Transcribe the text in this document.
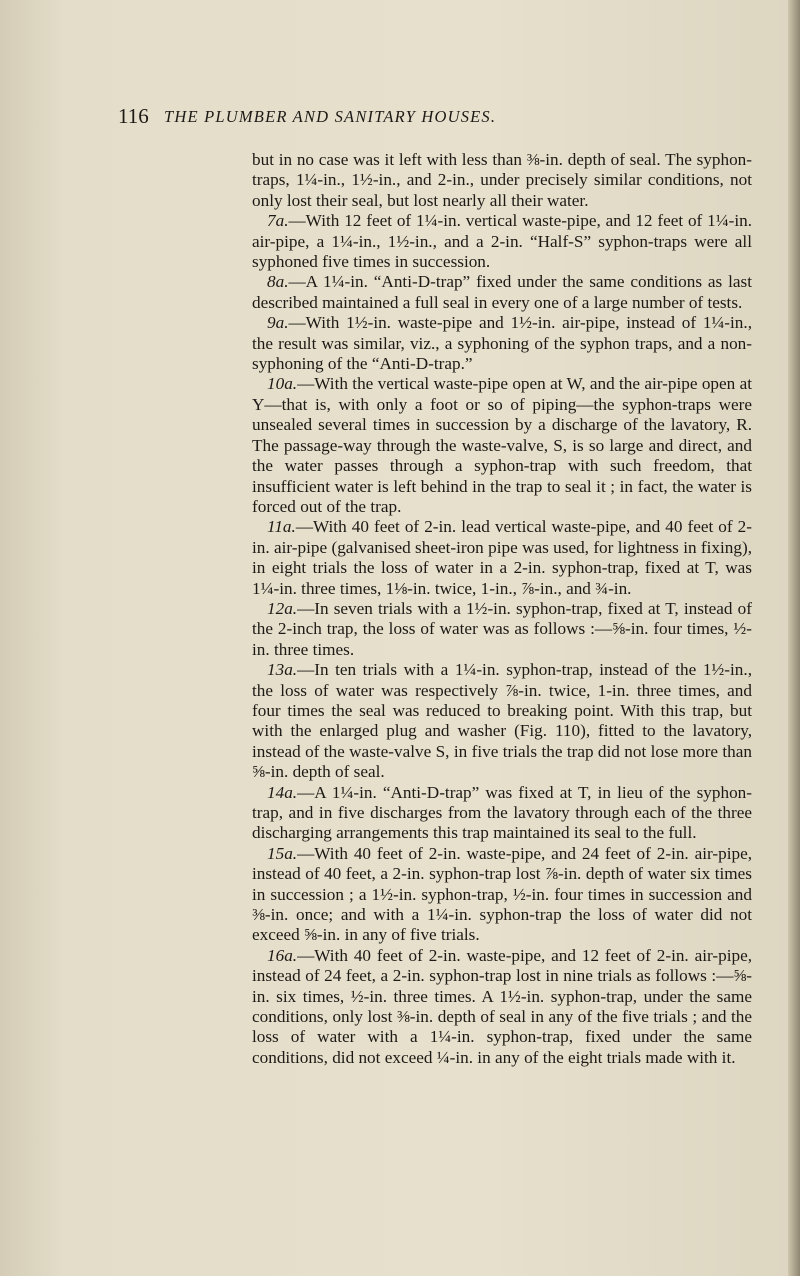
116 THE PLUMBER AND SANITARY HOUSES.

but in no case was it left with less than ⅜-in. depth of seal. The syphon-traps, 1¼-in., 1½-in., and 2-in., under precisely similar conditions, not only lost their seal, but lost nearly all their water.

7a.—With 12 feet of 1¼-in. vertical waste-pipe, and 12 feet of 1¼-in. air-pipe, a 1¼-in., 1½-in., and a 2-in. “Half-S” syphon-traps were all syphoned five times in succession.

8a.—A 1¼-in. “Anti-D-trap” fixed under the same conditions as last described maintained a full seal in every one of a large number of tests.

9a.—With 1½-in. waste-pipe and 1½-in. air-pipe, instead of 1¼-in., the result was similar, viz., a syphoning of the syphon traps, and a non-syphoning of the “Anti-D-trap.”

10a.—With the vertical waste-pipe open at W, and the air-pipe open at Y—that is, with only a foot or so of piping—the syphon-traps were unsealed several times in succession by a discharge of the lavatory, R. The passage-way through the waste-valve, S, is so large and direct, and the water passes through a syphon-trap with such freedom, that insufficient water is left behind in the trap to seal it ; in fact, the water is forced out of the trap.

11a.—With 40 feet of 2-in. lead vertical waste-pipe, and 40 feet of 2-in. air-pipe (galvanised sheet-iron pipe was used, for lightness in fixing), in eight trials the loss of water in a 2-in. syphon-trap, fixed at T, was 1¼-in. three times, 1⅛-in. twice, 1-in., ⅞-in., and ¾-in.

12a.—In seven trials with a 1½-in. syphon-trap, fixed at T, instead of the 2-inch trap, the loss of water was as follows :—⅝-in. four times, ½-in. three times.

13a.—In ten trials with a 1¼-in. syphon-trap, instead of the 1½-in., the loss of water was respectively ⅞-in. twice, 1-in. three times, and four times the seal was reduced to breaking point. With this trap, but with the enlarged plug and washer (Fig. 110), fitted to the lavatory, instead of the waste-valve S, in five trials the trap did not lose more than ⅝-in. depth of seal.

14a.—A 1¼-in. “Anti-D-trap” was fixed at T, in lieu of the syphon-trap, and in five discharges from the lavatory through each of the three discharging arrangements this trap maintained its seal to the full.

15a.—With 40 feet of 2-in. waste-pipe, and 24 feet of 2-in. air-pipe, instead of 40 feet, a 2-in. syphon-trap lost ⅞-in. depth of water six times in succession ; a 1½-in. syphon-trap, ½-in. four times in succession and ⅜-in. once; and with a 1¼-in. syphon-trap the loss of water did not exceed ⅝-in. in any of five trials.

16a.—With 40 feet of 2-in. waste-pipe, and 12 feet of 2-in. air-pipe, instead of 24 feet, a 2-in. syphon-trap lost in nine trials as follows :—⅝-in. six times, ½-in. three times. A 1½-in. syphon-trap, under the same conditions, only lost ⅜-in. depth of seal in any of the five trials ; and the loss of water with a 1¼-in. syphon-trap, fixed under the same conditions, did not exceed ¼-in. in any of the eight trials made with it.
